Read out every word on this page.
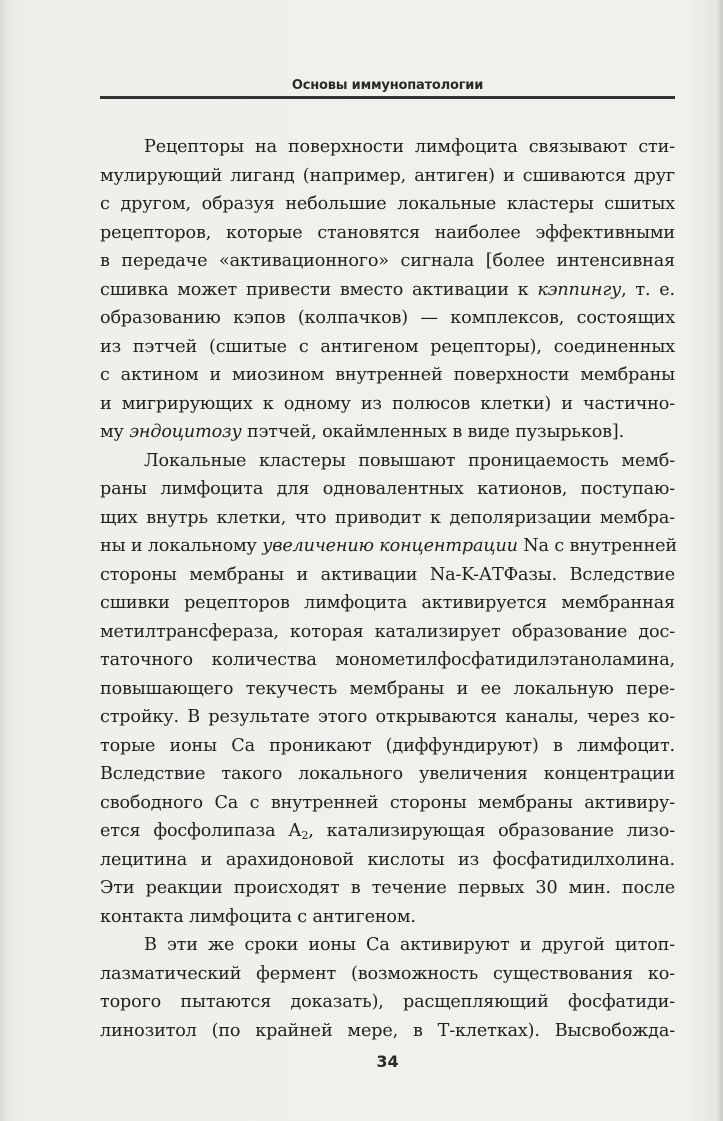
Основы иммунопатологии
Рецепторы на поверхности лимфоцита связывают сти-
мулирующий лиганд (например, антиген) и сшиваются друг
с другом, образуя небольшие локальные кластеры сшитых
рецепторов, которые становятся наиболее эффективными
в передаче «активационного» сигнала [более интенсивная
сшивка может привести вместо активации к кэппингу, т. е.
образованию кэпов (колпачков) — комплексов, состоящих
из пэтчей (сшитые с антигеном рецепторы), соединенных
с актином и миозином внутренней поверхности мембраны
и мигрирующих к одному из полюсов клетки) и частично-
му эндоцитозу пэтчей, окаймленных в виде пузырьков].
Локальные кластеры повышают проницаемость мемб-
раны лимфоцита для одновалентных катионов, поступаю-
щих внутрь клетки, что приводит к деполяризации мембра-
ны и локальному увеличению концентрации Na с внутренней
стороны мембраны и активации Na-K-АТФазы. Вследствие
сшивки рецепторов лимфоцита активируется мембранная
метилтрансфераза, которая катализирует образование дос-
таточного количества монометилфосфатидилэтаноламина,
повышающего текучесть мембраны и ее локальную пере-
стройку. В результате этого открываются каналы, через ко-
торые ионы Са проникают (диффундируют) в лимфоцит.
Вследствие такого локального увеличения концентрации
свободного Са с внутренней стороны мембраны активиру-
ется фосфолипаза $А_2$, катализирующая образование лизо-
лецитина и арахидоновой кислоты из фосфатидилхолина.
Эти реакции происходят в течение первых 30 мин. после
контакта лимфоцита с антигеном.
В эти же сроки ионы Са активируют и другой цитоп-
лазматический фермент (возможность существования ко-
торого пытаются доказать), расщепляющий фосфатиди-
линозитол (по крайней мере, в Т-клетках). Высвобожда-
34
